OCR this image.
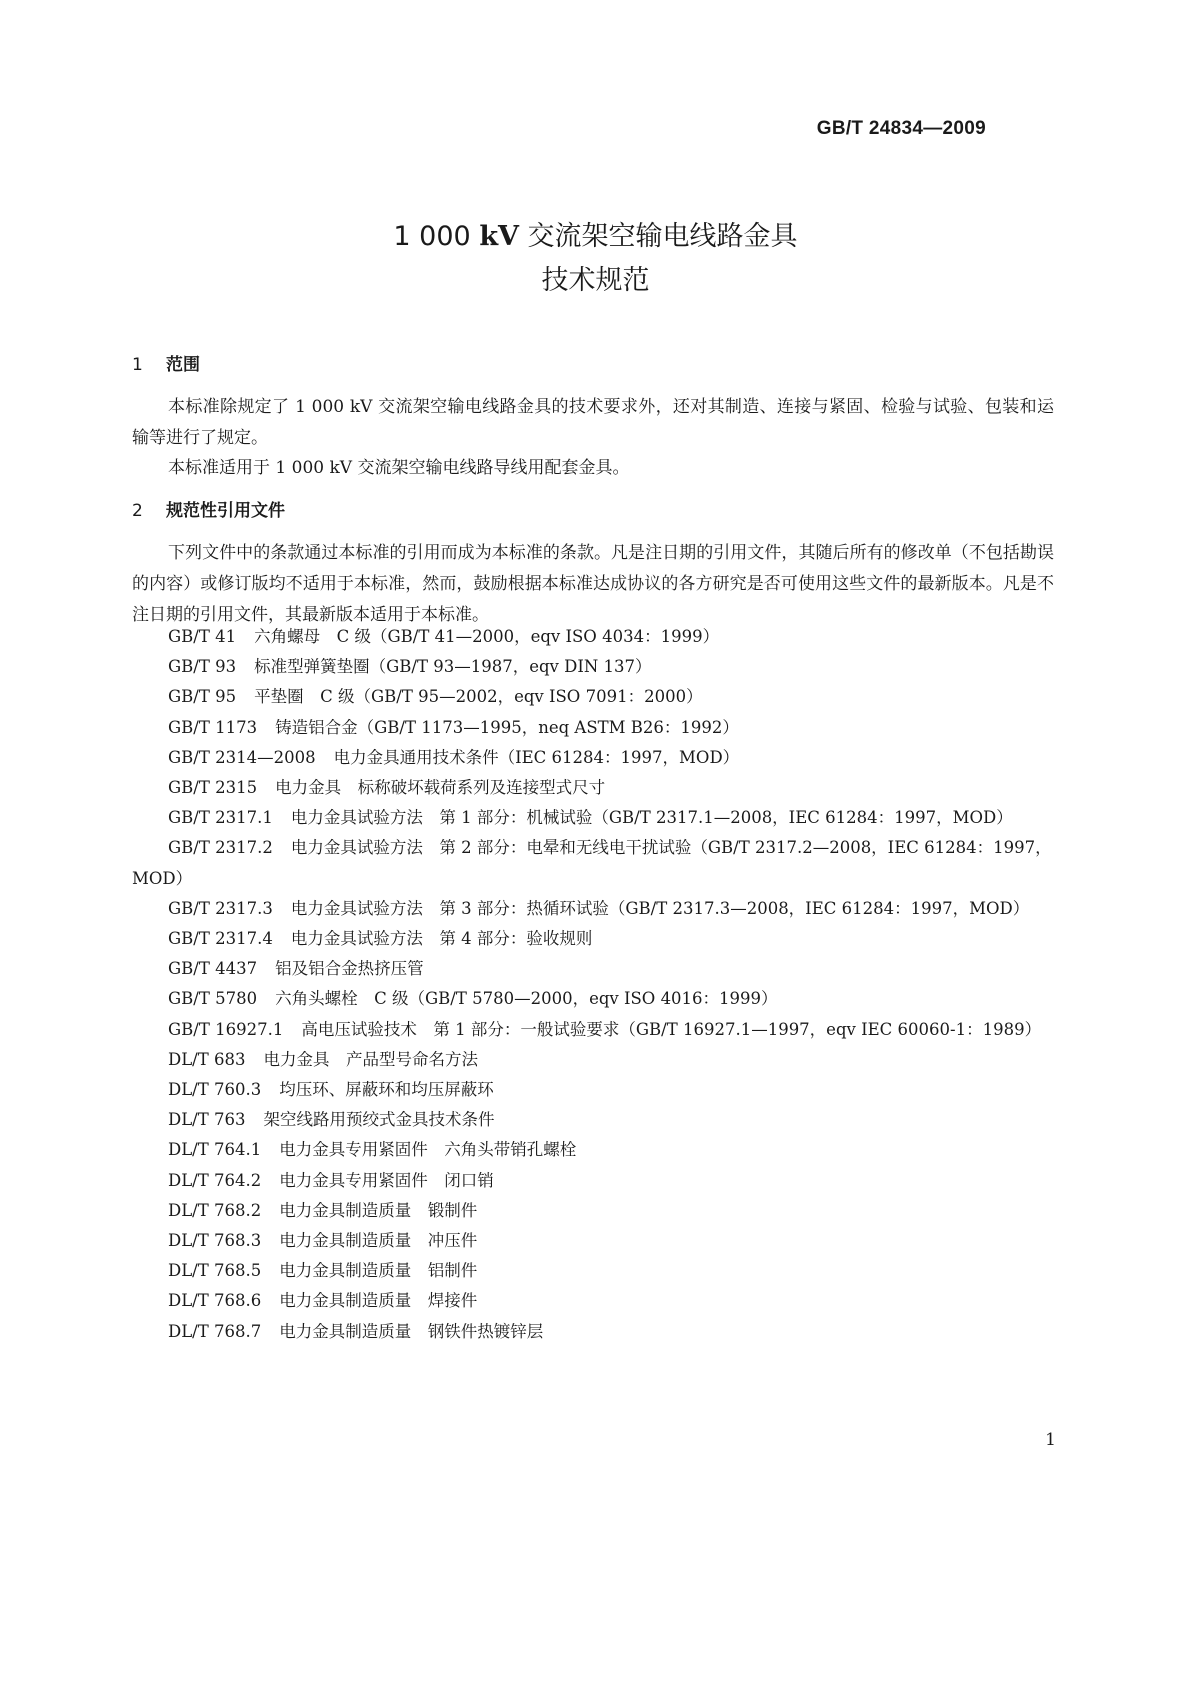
GB/T 24834—2009
1 000 kV 交流架空输电线路金具
技术规范
1 范围
本标准除规定了 1 000 kV 交流架空输电线路金具的技术要求外，还对其制造、连接与紧固、检验与试验、包装和运输等进行了规定。
本标准适用于 1 000 kV 交流架空输电线路导线用配套金具。
2 规范性引用文件
下列文件中的条款通过本标准的引用而成为本标准的条款。凡是注日期的引用文件，其随后所有的修改单（不包括勘误的内容）或修订版均不适用于本标准，然而，鼓励根据本标准达成协议的各方研究是否可使用这些文件的最新版本。凡是不注日期的引用文件，其最新版本适用于本标准。
GB/T 41 六角螺母　C 级（GB/T 41—2000，eqv ISO 4034：1999）
GB/T 93 标准型弹簧垫圈（GB/T 93—1987，eqv DIN 137）
GB/T 95 平垫圈　C 级（GB/T 95—2002，eqv ISO 7091：2000）
GB/T 1173 铸造铝合金（GB/T 1173—1995，neq ASTM B26：1992）
GB/T 2314—2008 电力金具通用技术条件（IEC 61284：1997，MOD）
GB/T 2315 电力金具　标称破坏载荷系列及连接型式尺寸
GB/T 2317.1 电力金具试验方法　第 1 部分：机械试验（GB/T 2317.1—2008，IEC 61284：1997，MOD）
GB/T 2317.2 电力金具试验方法　第 2 部分：电晕和无线电干扰试验（GB/T 2317.2—2008，IEC 61284：1997，MOD）
GB/T 2317.3 电力金具试验方法　第 3 部分：热循环试验（GB/T 2317.3—2008，IEC 61284：1997，MOD）
GB/T 2317.4 电力金具试验方法　第 4 部分：验收规则
GB/T 4437 铝及铝合金热挤压管
GB/T 5780 六角头螺栓　C 级（GB/T 5780—2000，eqv ISO 4016：1999）
GB/T 16927.1 高电压试验技术　第 1 部分：一般试验要求（GB/T 16927.1—1997，eqv IEC 60060-1：1989）
DL/T 683 电力金具　产品型号命名方法
DL/T 760.3 均压环、屏蔽环和均压屏蔽环
DL/T 763 架空线路用预绞式金具技术条件
DL/T 764.1 电力金具专用紧固件　六角头带销孔螺栓
DL/T 764.2 电力金具专用紧固件　闭口销
DL/T 768.2 电力金具制造质量　锻制件
DL/T 768.3 电力金具制造质量　冲压件
DL/T 768.5 电力金具制造质量　铝制件
DL/T 768.6 电力金具制造质量　焊接件
DL/T 768.7 电力金具制造质量　钢铁件热镀锌层
1
